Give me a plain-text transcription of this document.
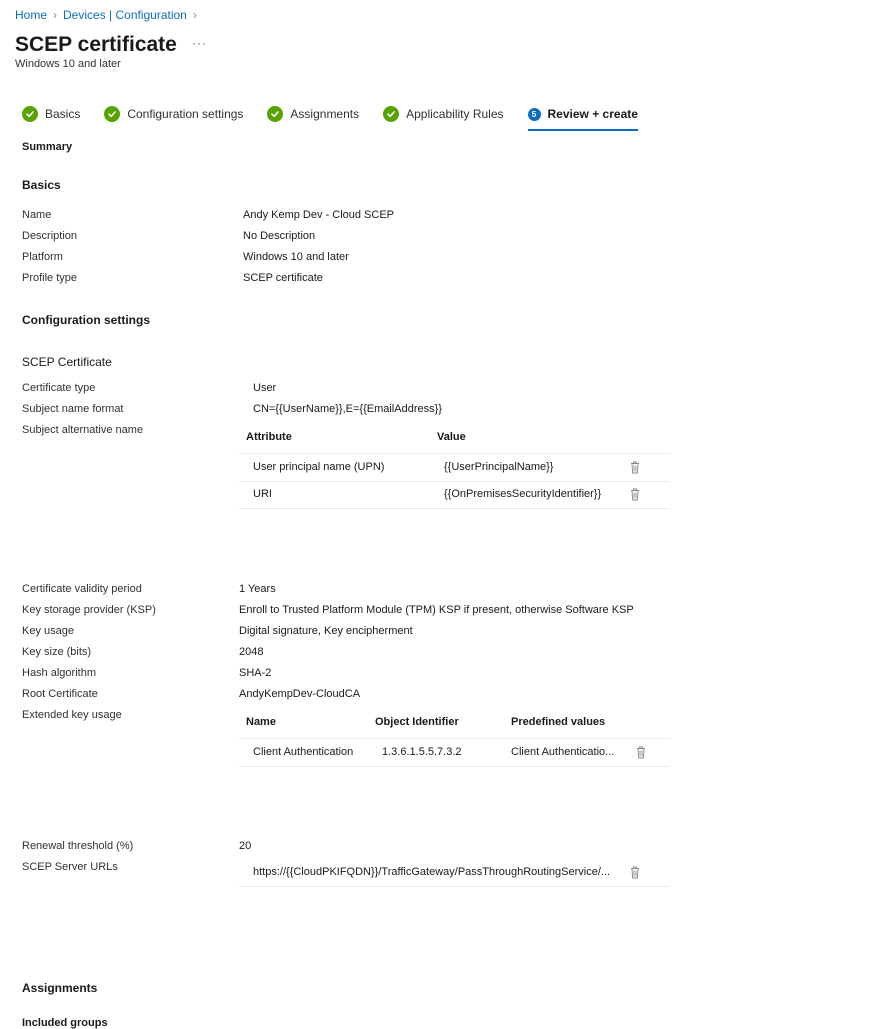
Home › Devices | Configuration ›
SCEP certificate ···
Windows 10 and later
Basics	Configuration settings	Assignments	Applicability Rules	5 Review + create
Summary
Basics
Name	Andy Kemp Dev - Cloud SCEP
Description	No Description
Platform	Windows 10 and later
Profile type	SCEP certificate
Configuration settings
SCEP Certificate
Certificate type	User
Subject name format	CN={{UserName}},E={{EmailAddress}}
Subject alternative name
Attribute	Value
User principal name (UPN)	{{UserPrincipalName}}
URI	{{OnPremisesSecurityIdentifier}}
Certificate validity period	1 Years
Key storage provider (KSP)	Enroll to Trusted Platform Module (TPM) KSP if present, otherwise Software KSP
Key usage	Digital signature, Key encipherment
Key size (bits)	2048
Hash algorithm	SHA-2
Root Certificate	AndyKempDev-CloudCA
Extended key usage
Name	Object Identifier	Predefined values
Client Authentication	1.3.6.1.5.5.7.3.2	Client Authenticatio...
Renewal threshold (%)	20
SCEP Server URLs	https://{{CloudPKIFQDN}}/TrafficGateway/PassThroughRoutingService/...
Assignments
Included groups
